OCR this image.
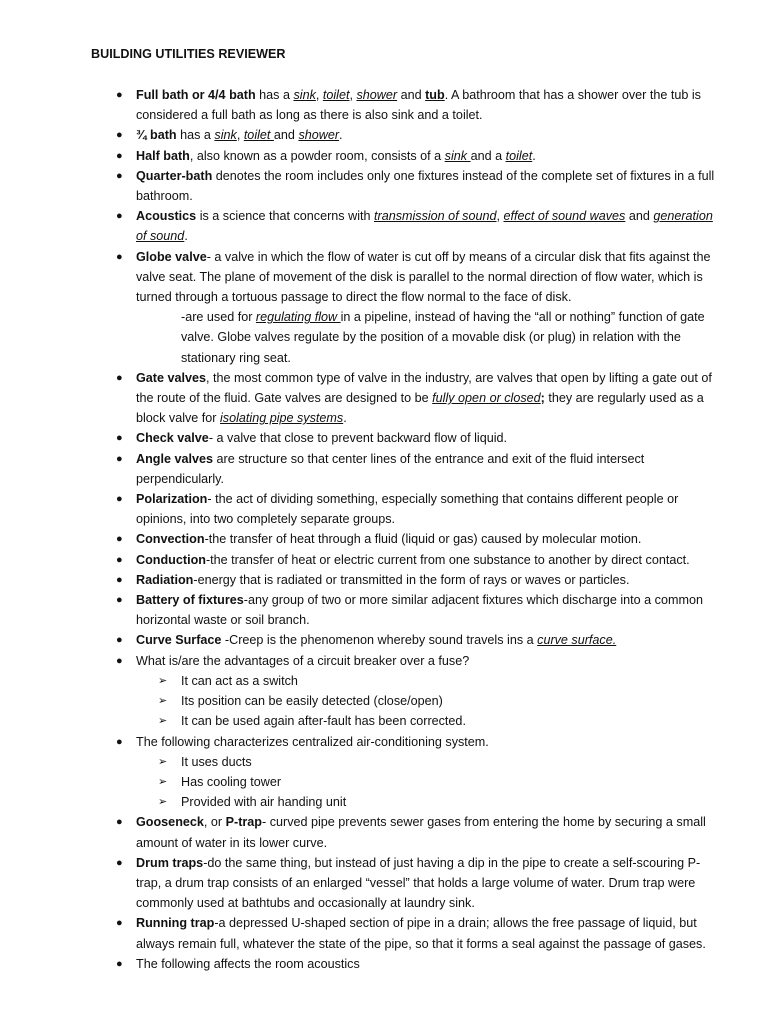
BUILDING UTILITIES REVIEWER
● Full bath or 4/4 bath has a sink, toilet, shower and tub. A bathroom that has a shower over the tub is considered a full bath as long as there is also sink and a toilet.
● ¾ bath has a sink, toilet and shower.
● Half bath, also known as a powder room, consists of a sink and a toilet.
● Quarter-bath denotes the room includes only one fixtures instead of the complete set of fixtures in a full bathroom.
● Acoustics is a science that concerns with transmission of sound, effect of sound waves and generation of sound.
● Globe valve- a valve in which the flow of water is cut off by means of a circular disk that fits against the valve seat. The plane of movement of the disk is parallel to the normal direction of flow water, which is turned through a tortuous passage to direct the flow normal to the face of disk.
-are used for regulating flow in a pipeline, instead of having the “all or nothing” function of gate valve. Globe valves regulate by the position of a movable disk (or plug) in relation with the stationary ring seat.
● Gate valves, the most common type of valve in the industry, are valves that open by lifting a gate out of the route of the fluid. Gate valves are designed to be fully open or closed; they are regularly used as a block valve for isolating pipe systems.
● Check valve- a valve that close to prevent backward flow of liquid.
● Angle valves are structure so that center lines of the entrance and exit of the fluid intersect perpendicularly.
● Polarization- the act of dividing something, especially something that contains different people or opinions, into two completely separate groups.
● Convection-the transfer of heat through a fluid (liquid or gas) caused by molecular motion.
● Conduction-the transfer of heat or electric current from one substance to another by direct contact.
● Radiation-energy that is radiated or transmitted in the form of rays or waves or particles.
● Battery of fixtures-any group of two or more similar adjacent fixtures which discharge into a common horizontal waste or soil branch.
● Curve Surface -Creep is the phenomenon whereby sound travels ins a curve surface.
● What is/are the advantages of a circuit breaker over a fuse?
➢ It can act as a switch
➢ Its position can be easily detected (close/open)
➢ It can be used again after-fault has been corrected.
● The following characterizes centralized air-conditioning system.
➢ It uses ducts
➢ Has cooling tower
➢ Provided with air handing unit
● Gooseneck, or P-trap- curved pipe prevents sewer gases from entering the home by securing a small amount of water in its lower curve.
● Drum traps-do the same thing, but instead of just having a dip in the pipe to create a self-scouring P-trap, a drum trap consists of an enlarged “vessel” that holds a large volume of water. Drum trap were commonly used at bathtubs and occasionally at laundry sink.
● Running trap-a depressed U-shaped section of pipe in a drain; allows the free passage of liquid, but always remain full, whatever the state of the pipe, so that it forms a seal against the passage of gases.
● The following affects the room acoustics
